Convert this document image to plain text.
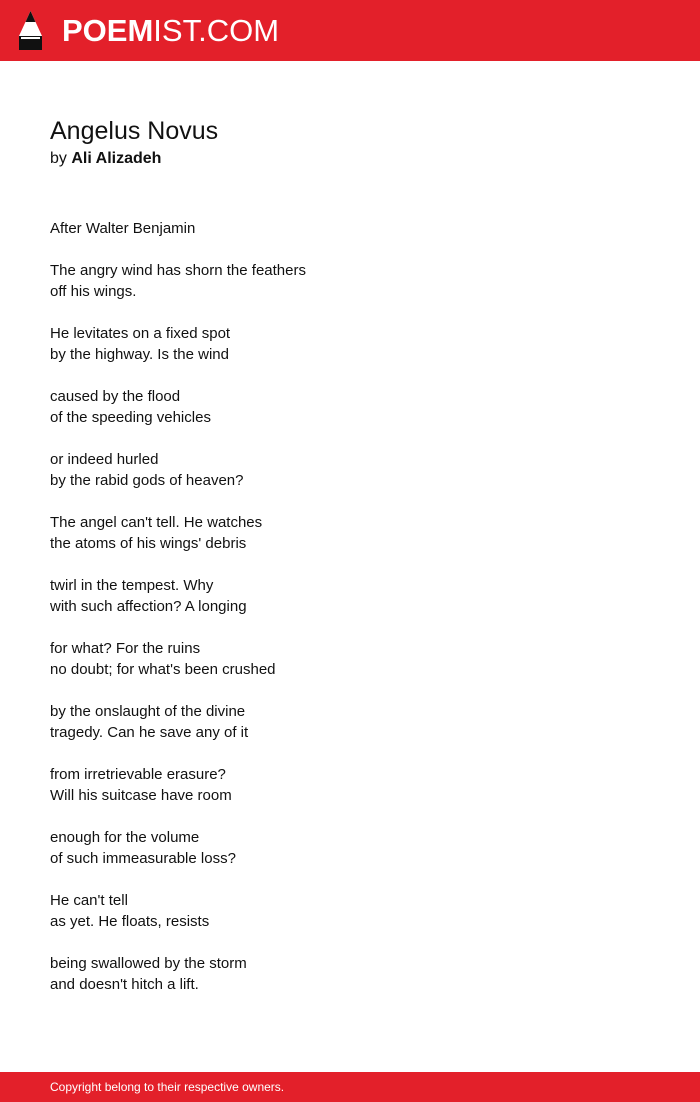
POEMIST.COM
Angelus Novus
by Ali Alizadeh
After Walter Benjamin
The angry wind has shorn the feathers
off his wings.
He levitates on a fixed spot
by the highway. Is the wind
caused by the flood
of the speeding vehicles
or indeed hurled
by the rabid gods of heaven?
The angel can't tell. He watches
the atoms of his wings' debris
twirl in the tempest. Why
with such affection? A longing
for what? For the ruins
no doubt; for what's been crushed
by the onslaught of the divine
tragedy. Can he save any of it
from irretrievable erasure?
Will his suitcase have room
enough for the volume
of such immeasurable loss?
He can't tell
as yet. He floats, resists
being swallowed by the storm
and doesn't hitch a lift.
Copyright belong to their respective owners.
